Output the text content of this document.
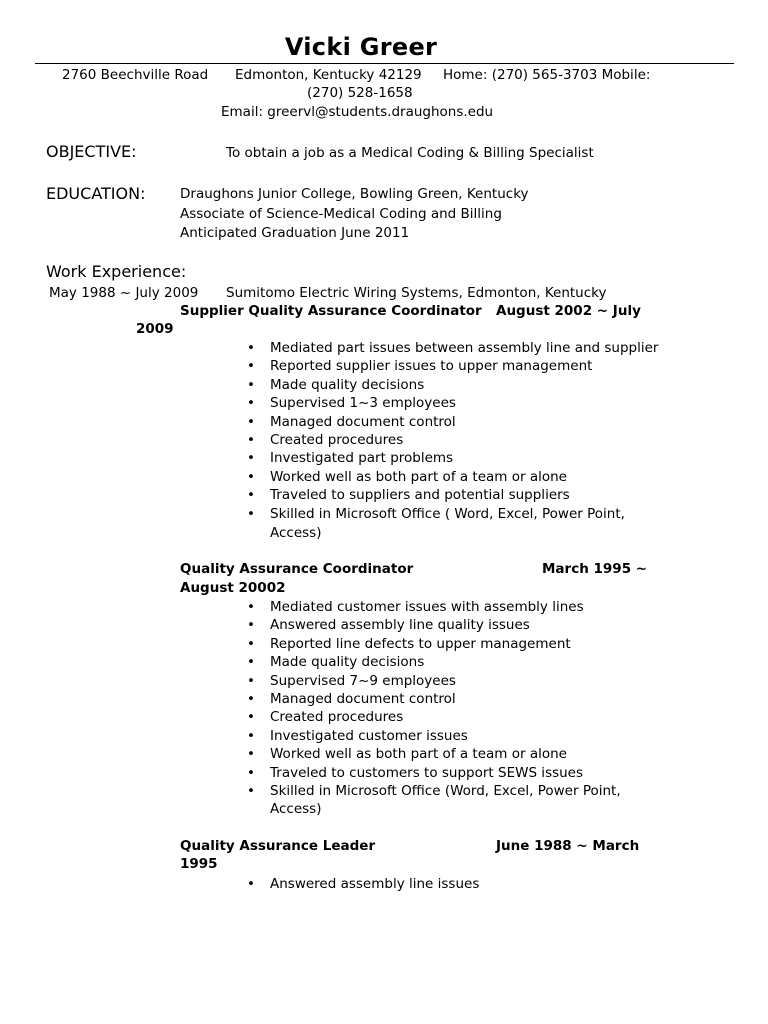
Vicki Greer
2760 Beechville Road Edmonton, Kentucky 42129 Home: (270) 565-3703 Mobile:
(270) 528-1658
Email: greervl@students.draughons.edu
OBJECTIVE:	To obtain a job as a Medical Coding & Billing Specialist
EDUCATION:	Draughons Junior College, Bowling Green, Kentucky
Associate of Science-Medical Coding and Billing
Anticipated Graduation June 2011
Work Experience:
May 1988 ~ July 2009 Sumitomo Electric Wiring Systems, Edmonton, Kentucky
Supplier Quality Assurance Coordinator August 2002 ~ July
2009
• Mediated part issues between assembly line and supplier
• Reported supplier issues to upper management
• Made quality decisions
• Supervised 1~3 employees
• Managed document control
• Created procedures
• Investigated part problems
• Worked well as both part of a team or alone
• Traveled to suppliers and potential suppliers
• Skilled in Microsoft Office ( Word, Excel, Power Point,
Access)
Quality Assurance Coordinator	March 1995 ~
August 20002
• Mediated customer issues with assembly lines
• Answered assembly line quality issues
• Reported line defects to upper management
• Made quality decisions
• Supervised 7~9 employees
• Managed document control
• Created procedures
• Investigated customer issues
• Worked well as both part of a team or alone
• Traveled to customers to support SEWS issues
• Skilled in Microsoft Office (Word, Excel, Power Point,
Access)
Quality Assurance Leader	June 1988 ~ March
1995
• Answered assembly line issues
